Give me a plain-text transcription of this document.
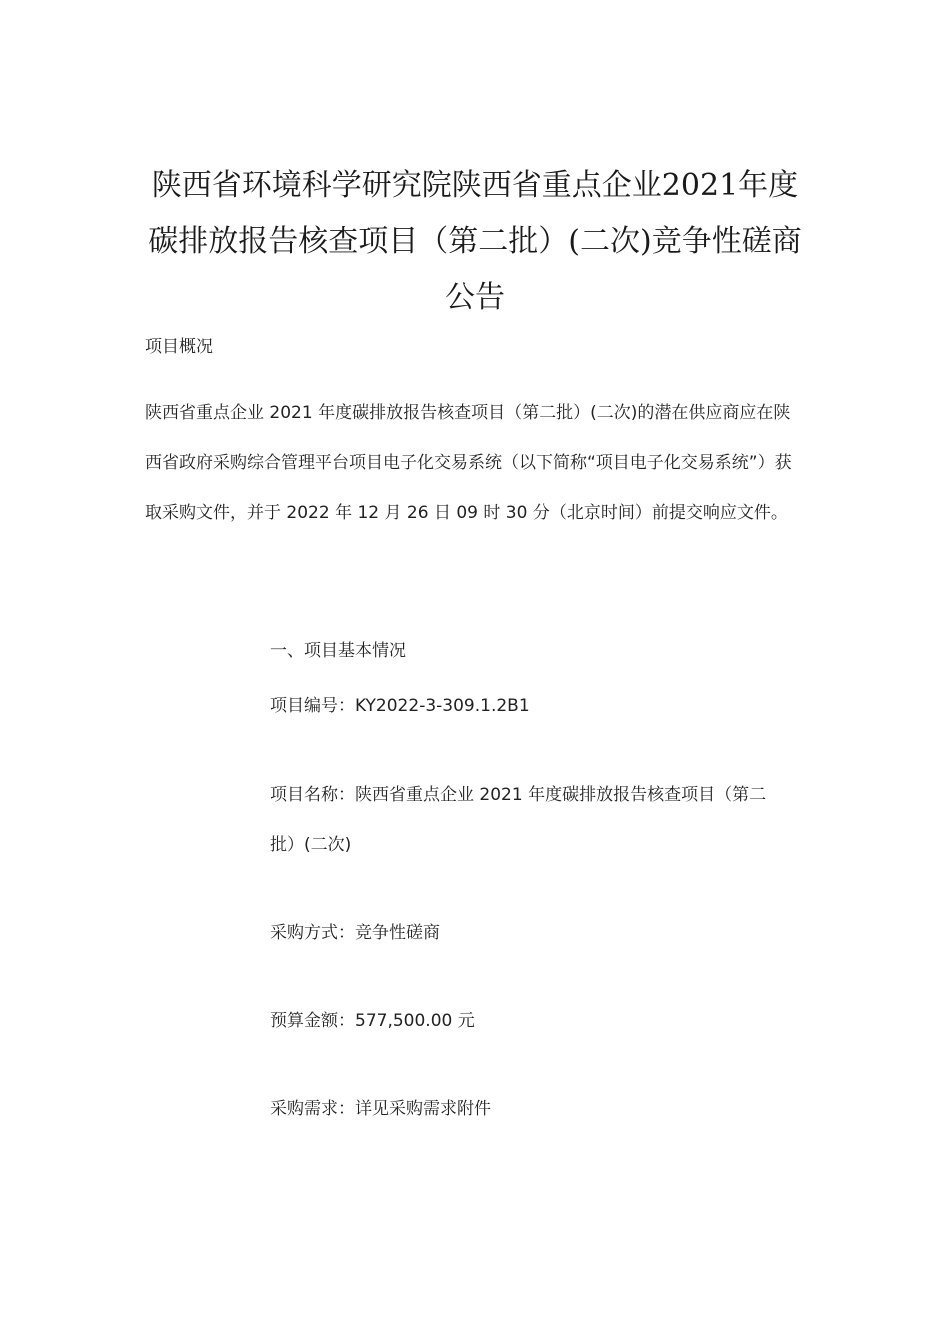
陕西省环境科学研究院陕西省重点企业2021年度碳排放报告核查项目（第二批）(二次)竞争性磋商公告
项目概况

陕西省重点企业 2021 年度碳排放报告核查项目（第二批）(二次)的潜在供应商应在陕西省政府采购综合管理平台项目电子化交易系统（以下简称“项目电子化交易系统”）获取采购文件，并于 2022 年 12 月 26 日 09 时 30 分（北京时间）前提交响应文件。

一、项目基本情况

项目编号：KY2022-3-309.1.2B1

项目名称：陕西省重点企业 2021 年度碳排放报告核查项目（第二批）(二次)

采购方式：竞争性磋商

预算金额：577,500.00 元

采购需求：详见采购需求附件
